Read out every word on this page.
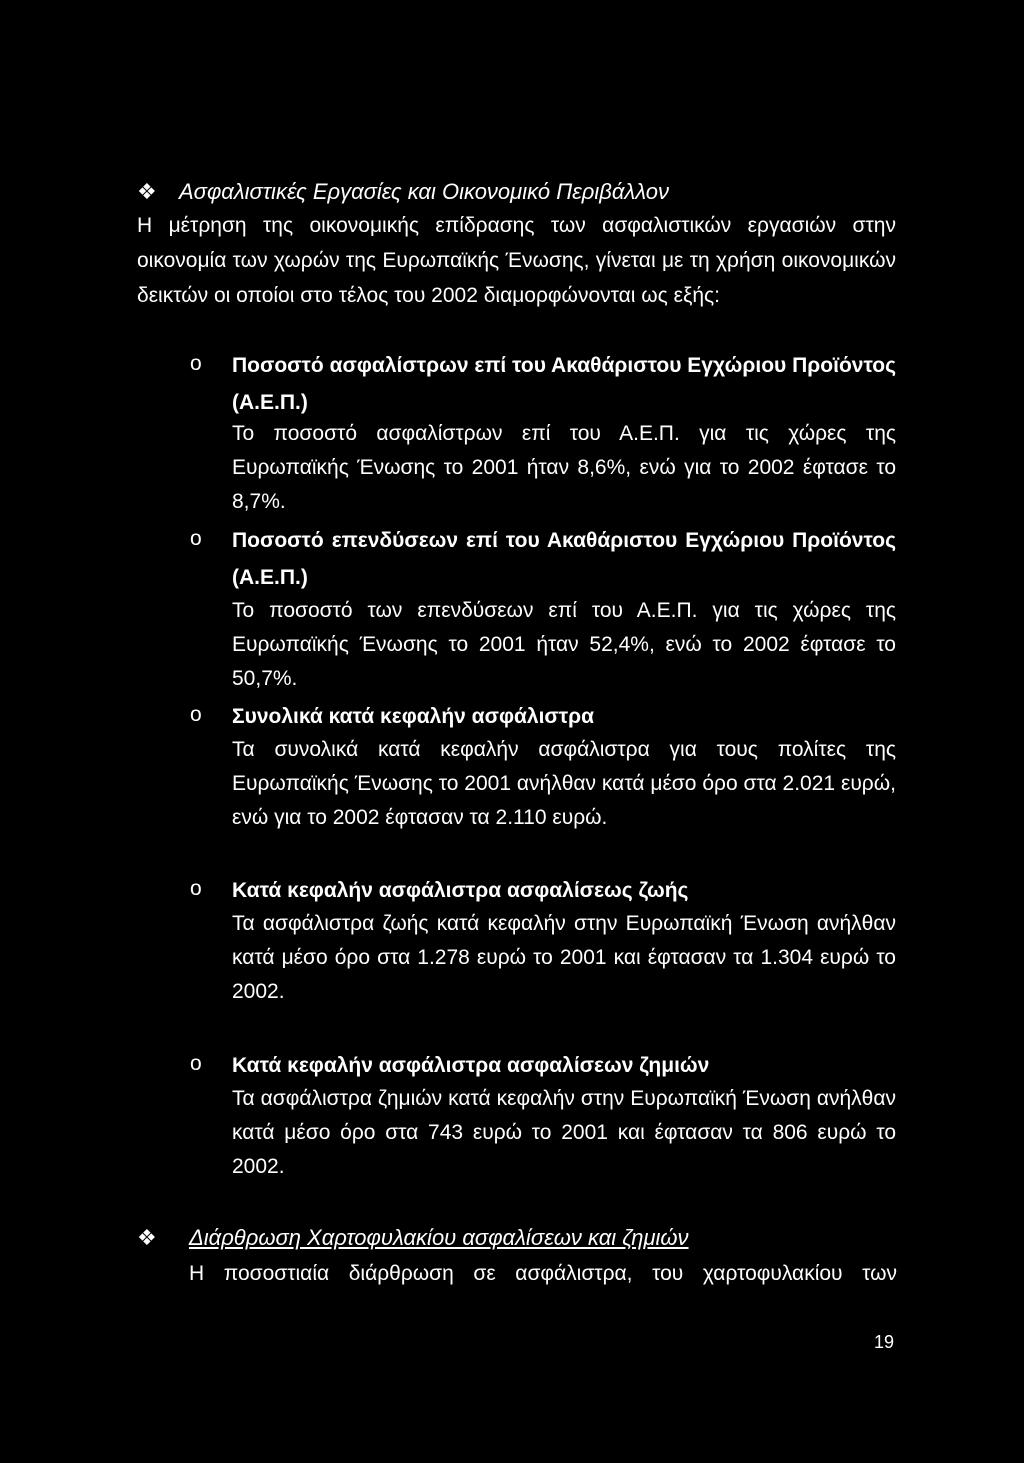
❖ Ασφαλιστικές Εργασίες και Οικονομικό Περιβάλλον
Η μέτρηση της οικονομικής επίδρασης των ασφαλιστικών εργασιών στην οικονομία των χωρών της Ευρωπαϊκής Ένωσης, γίνεται με τη χρήση οικονομικών δεικτών οι οποίοι στο τέλος του 2002 διαμορφώνονται ως εξής:
o Ποσοστό ασφαλίστρων επί του Ακαθάριστου Εγχώριου Προϊόντος (Α.Ε.Π.)
Το ποσοστό ασφαλίστρων επί του Α.Ε.Π. για τις χώρες της Ευρωπαϊκής Ένωσης το 2001 ήταν 8,6%, ενώ για το 2002 έφτασε το 8,7%.
o Ποσοστό επενδύσεων επί του Ακαθάριστου Εγχώριου Προϊόντος (Α.Ε.Π.)
Το ποσοστό των επενδύσεων επί του Α.Ε.Π. για τις χώρες της Ευρωπαϊκής Ένωσης το 2001 ήταν 52,4%, ενώ το 2002 έφτασε το 50,7%.
o Συνολικά κατά κεφαλήν ασφάλιστρα
Τα συνολικά κατά κεφαλήν ασφάλιστρα για τους πολίτες της Ευρωπαϊκής Ένωσης το 2001 ανήλθαν κατά μέσο όρο στα 2.021 ευρώ, ενώ για το 2002 έφτασαν τα 2.110 ευρώ.
o Κατά κεφαλήν ασφάλιστρα ασφαλίσεως ζωής
Τα ασφάλιστρα ζωής κατά κεφαλήν στην Ευρωπαϊκή Ένωση ανήλθαν κατά μέσο όρο στα 1.278 ευρώ το 2001 και έφτασαν τα 1.304 ευρώ το 2002.
o Κατά κεφαλήν ασφάλιστρα ασφαλίσεων ζημιών
Τα ασφάλιστρα ζημιών κατά κεφαλήν στην Ευρωπαϊκή Ένωση ανήλθαν κατά μέσο όρο στα 743 ευρώ το 2001 και έφτασαν τα 806 ευρώ το 2002.
❖ Διάρθρωση Χαρτοφυλακίου ασφαλίσεων και ζημιών
Η ποσοστιαία διάρθρωση σε ασφάλιστρα, του χαρτοφυλακίου των
19
